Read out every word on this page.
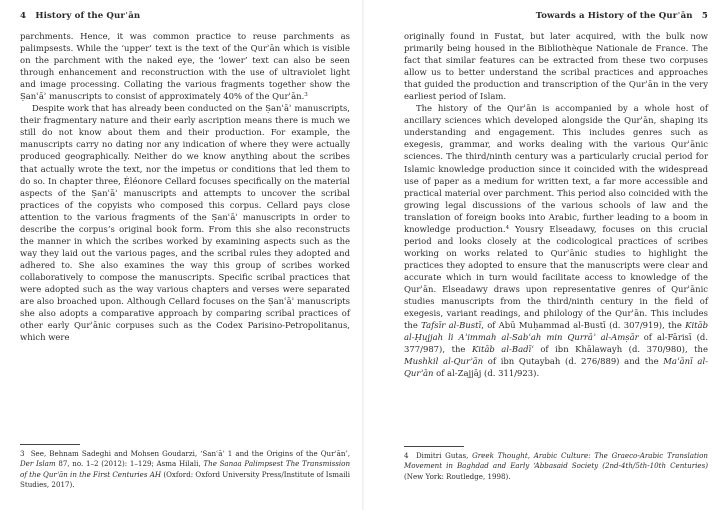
4 History of the Qurʾān

parchments. Hence, it was common practice to reuse parchments as palimpsests. While the ‘upper’ text is the text of the Qurʾān which is visible on the parchment with the naked eye, the ‘lower’ text can also be seen through enhancement and reconstruction with the use of ultraviolet light and image processing. Collating the various fragments together show the Ṣanʿāʾ manuscripts to consist of approximately 40% of the Qurʾān.$^3$

Despite work that has already been conducted on the Ṣanʿāʾ manuscripts, their fragmentary nature and their early ascription means there is much we still do not know about them and their production. For example, the manuscripts carry no dating nor any indication of where they were actually produced geographically. Neither do we know anything about the scribes that actually wrote the text, nor the impetus or conditions that led them to do so. In chapter three, Éléonore Cellard focuses specifically on the material aspects of the Ṣanʿāʾ manuscripts and attempts to uncover the scribal practices of the copyists who composed this corpus. Cellard pays close attention to the various fragments of the Ṣanʿāʾ manuscripts in order to describe the corpus’s original book form. From this she also reconstructs the manner in which the scribes worked by examining aspects such as the way they laid out the various pages, and the scribal rules they adopted and adhered to. She also examines the way this group of scribes worked collaboratively to compose the manuscripts. Specific scribal practices that were adopted such as the way various chapters and verses were separated are also broached upon. Although Cellard focuses on the Ṣanʿāʾ manuscripts she also adopts a comparative approach by comparing scribal practices of other early Qurʾānic corpuses such as the Codex Parisino-Petropolitanus, which were

3 See, Behnam Sadeghi and Mohsen Goudarzi, ‘Sanʿāʾ 1 and the Origins of the Qurʾān’, Der Islam 87, no. 1–2 (2012): 1–129; Asma Hilali, The Sanaa Palimpsest The Transmission of the Qurʾān in the First Centuries AH (Oxford: Oxford University Press/Institute of Ismaili Studies, 2017).

Towards a History of the Qurʾān 5

originally found in Fustat, but later acquired, with the bulk now primarily being housed in the Bibliothèque Nationale de France. The fact that similar features can be extracted from these two corpuses allow us to better understand the scribal practices and approaches that guided the production and transcription of the Qurʾān in the very earliest period of Islam.

The history of the Qurʾān is accompanied by a whole host of ancillary sciences which developed alongside the Qurʾān, shaping its understanding and engagement. This includes genres such as exegesis, grammar, and works dealing with the various Qurʾānic sciences. The third/ninth century was a particularly crucial period for Islamic knowledge production since it coincided with the widespread use of paper as a medium for written text, a far more accessible and practical material over parchment. This period also coincided with the growing legal discussions of the various schools of law and the translation of foreign books into Arabic, further leading to a boom in knowledge production.$^4$ Yousry Elseadawy, focuses on this crucial period and looks closely at the codicological practices of scribes working on works related to Qurʾānic studies to highlight the practices they adopted to ensure that the manuscripts were clear and accurate which in turn would facilitate access to knowledge of the Qurʾān. Elseadawy draws upon representative genres of Qurʾānic studies manuscripts from the third/ninth century in the field of exegesis, variant readings, and philology of the Qurʾān. This includes the Tafsīr al-Bustī, of Abū Muḥammad al-Bustī (d. 307/919), the Kitāb al-Ḥujjah li Aʾimmah al-Sabʿah min Qurrāʾ al-Amṣār of al-Fārisī (d. 377/987), the Kitāb al-Badīʿ of ibn Khālawayh (d. 370/980), the Mushkil al-Qurʾān of ibn Qutaybah (d. 276/889) and the Maʿānī al-Qurʾān of al-Zajjāj (d. 311/923).

4 Dimitri Gutas, Greek Thought, Arabic Culture: The Graeco-Arabic Translation Movement in Baghdad and Early ‘Abbasaid Society (2nd-4th/5th-10th Centuries) (New York: Routledge, 1998).
